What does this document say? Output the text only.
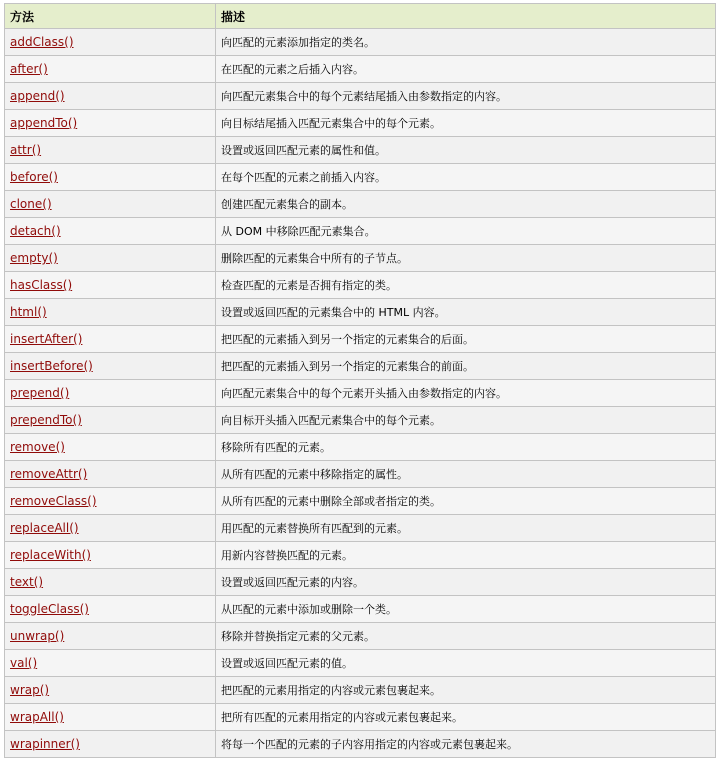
方法	描述
addClass()	向匹配的元素添加指定的类名。
after()	在匹配的元素之后插入内容。
append()	向匹配元素集合中的每个元素结尾插入由参数指定的内容。
appendTo()	向目标结尾插入匹配元素集合中的每个元素。
attr()	设置或返回匹配元素的属性和值。
before()	在每个匹配的元素之前插入内容。
clone()	创建匹配元素集合的副本。
detach()	从 DOM 中移除匹配元素集合。
empty()	删除匹配的元素集合中所有的子节点。
hasClass()	检查匹配的元素是否拥有指定的类。
html()	设置或返回匹配的元素集合中的 HTML 内容。
insertAfter()	把匹配的元素插入到另一个指定的元素集合的后面。
insertBefore()	把匹配的元素插入到另一个指定的元素集合的前面。
prepend()	向匹配元素集合中的每个元素开头插入由参数指定的内容。
prependTo()	向目标开头插入匹配元素集合中的每个元素。
remove()	移除所有匹配的元素。
removeAttr()	从所有匹配的元素中移除指定的属性。
removeClass()	从所有匹配的元素中删除全部或者指定的类。
replaceAll()	用匹配的元素替换所有匹配到的元素。
replaceWith()	用新内容替换匹配的元素。
text()	设置或返回匹配元素的内容。
toggleClass()	从匹配的元素中添加或删除一个类。
unwrap()	移除并替换指定元素的父元素。
val()	设置或返回匹配元素的值。
wrap()	把匹配的元素用指定的内容或元素包裹起来。
wrapAll()	把所有匹配的元素用指定的内容或元素包裹起来。
wrapinner()	将每一个匹配的元素的子内容用指定的内容或元素包裹起来。
